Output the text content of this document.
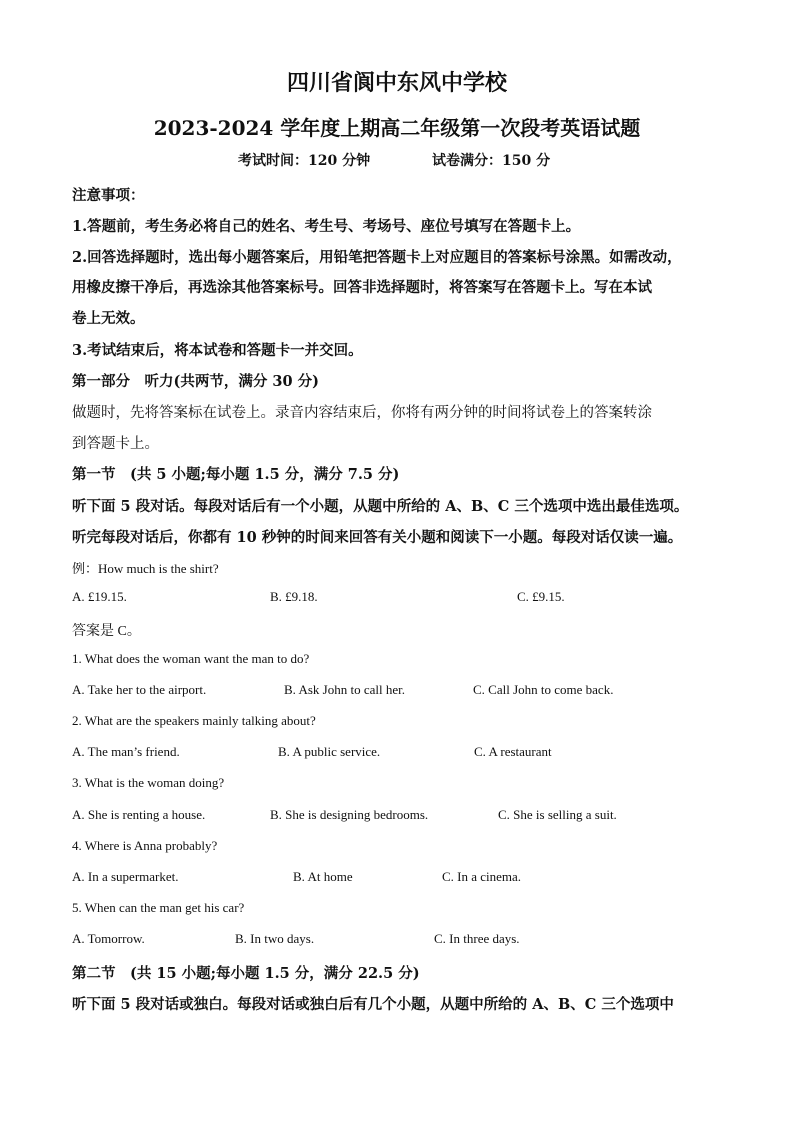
四川省阆中东风中学校
2023-2024 学年度上期高二年级第一次段考英语试题
考试时间：120 分钟	试卷满分：150 分
注意事项：
1.答题前，考生务必将自己的姓名、考生号、考场号、座位号填写在答题卡上。
2.回答选择题时，选出每小题答案后，用铅笔把答题卡上对应题目的答案标号涂黑。如需改动，
用橡皮擦干净后，再选涂其他答案标号。回答非选择题时，将答案写在答题卡上。写在本试
卷上无效。
3.考试结束后，将本试卷和答题卡一并交回。
第一部分　听力(共两节，满分 30 分)
做题时，先将答案标在试卷上。录音内容结束后，你将有两分钟的时间将试卷上的答案转涂
到答题卡上。
第一节　(共 5 小题;每小题 1.5 分，满分 7.5 分)
听下面 5 段对话。每段对话后有一个小题，从题中所给的 A、B、C 三个选项中选出最佳选项。
听完每段对话后，你都有 10 秒钟的时间来回答有关小题和阅读下一小题。每段对话仅读一遍。
例：How much is the shirt?
A. £19.15.	B. £9.18.	C. £9.15.
答案是 C。
1. What does the woman want the man to do?
A. Take her to the airport.	B. Ask John to call her.	C. Call John to come back.
2. What are the speakers mainly talking about?
A. The man’s friend.	B. A public service.	C. A restaurant
3. What is the woman doing?
A. She is renting a house.	B. She is designing bedrooms.	C. She is selling a suit.
4. Where is Anna probably?
A. In a supermarket.	B. At home	C. In a cinema.
5. When can the man get his car?
A. Tomorrow.	B. In two days.	C. In three days.
第二节　(共 15 小题;每小题 1.5 分，满分 22.5 分)
听下面 5 段对话或独白。每段对话或独白后有几个小题，从题中所给的 A、B、C 三个选项中
